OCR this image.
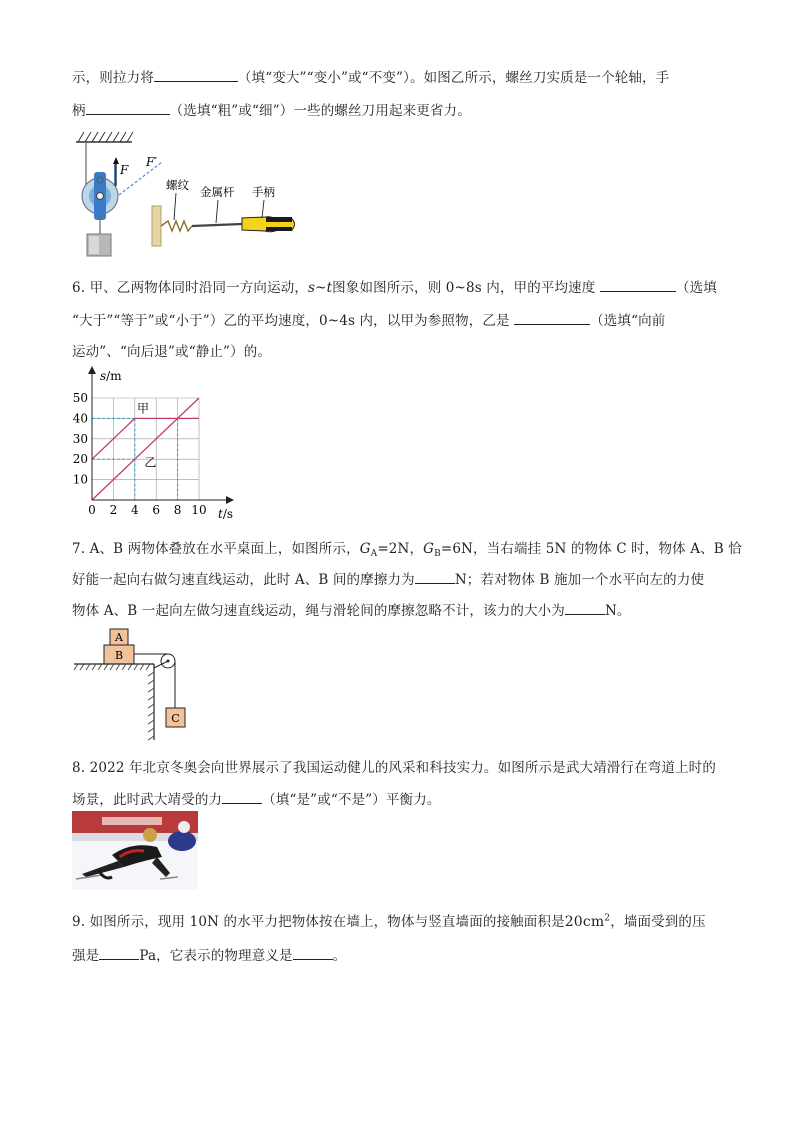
示，则拉力将	（填“变大”“变小”或“不变”）。如图乙所示，螺丝刀实质是一个轮轴，手
柄	（选填“粗”或“细”）一些的螺丝刀用起来更省力。
F
F′
螺纹 金属杆 手柄
6. 甲、乙两物体同时沿同一方向运动，s~t图象如图所示，则 0~8s 内，甲的平均速度	（选填
“大于”“等于”或“小于”）乙的平均速度，0~4s 内，以甲为参照物，乙是	（选填“向前
运动”、“向后退”或“静止”）的。
10
20
30
40
50
0 2 4 6 8 10
s/m
t/s
甲
乙
7. A、B 两物体叠放在水平桌面上，如图所示，$G_A=2N$，$G_B=6N$，当右端挂 5N 的物体 C 时，物体 A、B 恰
好能一起向右做匀速直线运动，此时 A、B 间的摩擦力为	N；若对物体 B 施加一个水平向左的力使
物体 A、B 一起向左做匀速直线运动，绳与滑轮间的摩擦忽略不计，该力的大小为	N。
A
B
C
8. 2022 年北京冬奥会向世界展示了我国运动健儿的风采和科技实力。如图所示是武大靖滑行在弯道上时的
场景，此时武大靖受的力	（填“是”或“不是”）平衡力。
9. 如图所示，现用 10N 的水平力把物体按在墙上，物体与竖直墙面的接触面积是$20cm^2$，墙面受到的压
强是	Pa，它表示的物理意义是	。
